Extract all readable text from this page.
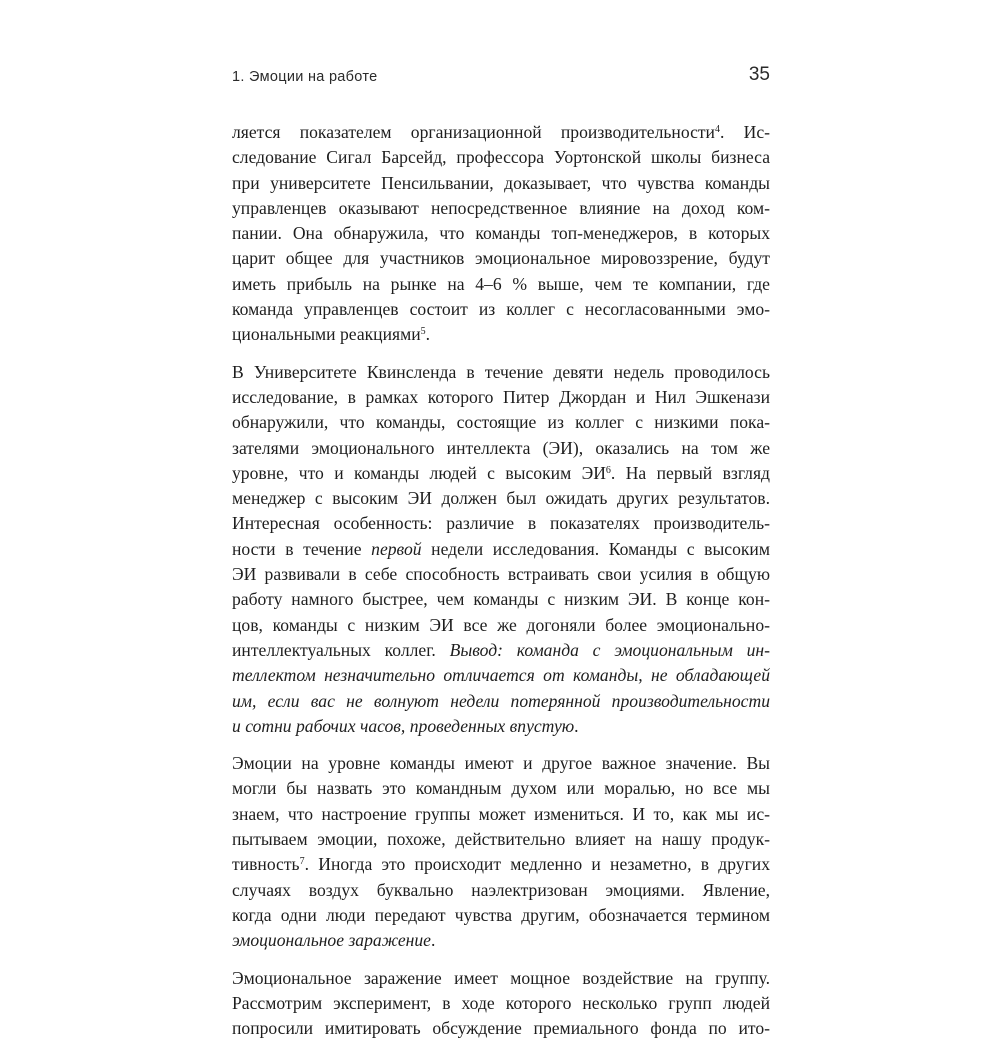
1. Эмоции на работе	35

ляется показателем организационной производительности$^4$. Ис-
следование Сигал Барсейд, профессора Уортонской школы бизнеса
при университете Пенсильвании, доказывает, что чувства команды
управленцев оказывают непосредственное влияние на доход ком-
пании. Она обнаружила, что команды топ-менеджеров, в которых
царит общее для участников эмоциональное мировоззрение, будут
иметь прибыль на рынке на 4–6 % выше, чем те компании, где
команда управленцев состоит из коллег с несогласованными эмо-
циональными реакциями$^5$.

В Университете Квинсленда в течение девяти недель проводилось
исследование, в рамках которого Питер Джордан и Нил Эшкенази
обнаружили, что команды, состоящие из коллег с низкими пока-
зателями эмоционального интеллекта (ЭИ), оказались на том же
уровне, что и команды людей с высоким $ЭИ^6$. На первый взгляд
менеджер с высоким ЭИ должен был ожидать других результатов.
Интересная особенность: различие в показателях производитель-
ности в течение первой недели исследования. Команды с высоким
ЭИ развивали в себе способность встраивать свои усилия в общую
работу намного быстрее, чем команды с низким ЭИ. В конце кон-
цов, команды с низким ЭИ все же догоняли более эмоционально-
интеллектуальных коллег. Вывод: команда с эмоциональным ин-
теллектом незначительно отличается от команды, не обладающей
им, если вас не волнуют недели потерянной производительности
и сотни рабочих часов, проведенных впустую.

Эмоции на уровне команды имеют и другое важное значение. Вы
могли бы назвать это командным духом или моралью, но все мы
знаем, что настроение группы может измениться. И то, как мы ис-
пытываем эмоции, похоже, действительно влияет на нашу продук-
тивность$^7$. Иногда это происходит медленно и незаметно, в других
случаях воздух буквально наэлектризован эмоциями. Явление,
когда одни люди передают чувства другим, обозначается термином
эмоциональное заражение.

Эмоциональное заражение имеет мощное воздействие на группу.
Рассмотрим эксперимент, в ходе которого несколько групп людей
попросили имитировать обсуждение премиального фонда по ито-
